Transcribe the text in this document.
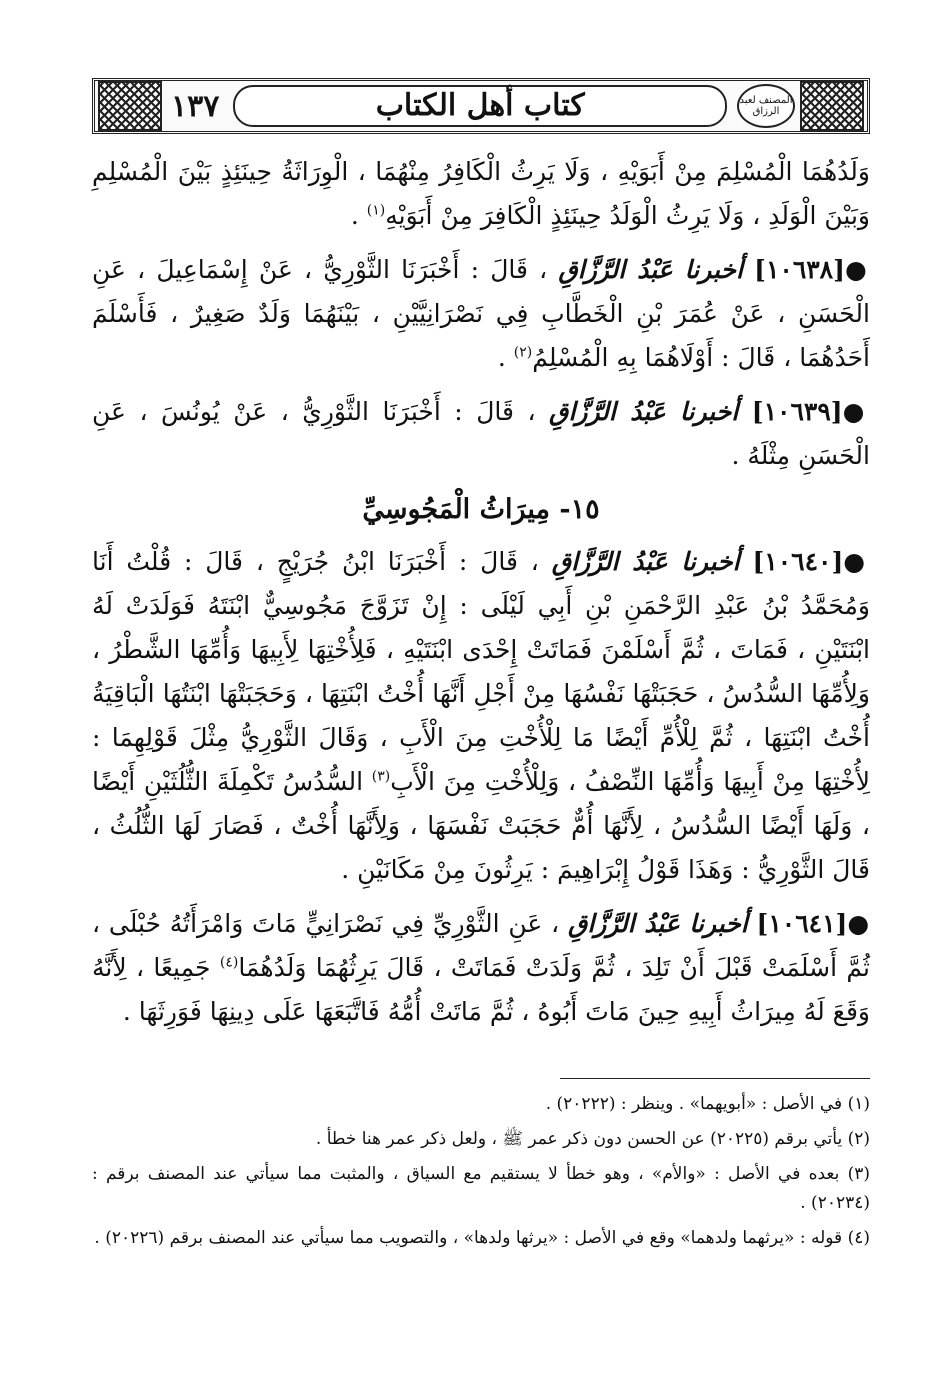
١٣٧	كتاب أهل الكتاب	المصنف لعبد الرزاق

وَلَدُهُمَا الْمُسْلِمَ مِنْ أَبَوَيْهِ ، وَلَا يَرِثُ الْكَافِرُ مِنْهُمَا ، الْوِرَاثَةُ حِينَئِذٍ بَيْنَ الْمُسْلِمِ وَبَيْنَ الْوَلَدِ ، وَلَا يَرِثُ الْوَلَدُ حِينَئِذٍ الْكَافِرَ مِنْ أَبَوَيْهِ$^{(١)}$ .

●[١٠٦٣٨] أخبرنا عَبْدُ الرَّزَّاقِ ، قَالَ : أَخْبَرَنَا الثَّوْرِيُّ ، عَنْ إِسْمَاعِيلَ ، عَنِ الْحَسَنِ ، عَنْ عُمَرَ بْنِ الْخَطَّابِ فِي نَصْرَانِيَّيْنِ ، بَيْنَهُمَا وَلَدٌ صَغِيرٌ ، فَأَسْلَمَ أَحَدُهُمَا ، قَالَ : أَوْلَاهُمَا بِهِ الْمُسْلِمُ$^{(٢)}$ .

●[١٠٦٣٩] أخبرنا عَبْدُ الرَّزَّاقِ ، قَالَ : أَخْبَرَنَا الثَّوْرِيُّ ، عَنْ يُونُسَ ، عَنِ الْحَسَنِ مِثْلَهُ .

١٥- مِيرَاثُ الْمَجُوسِيِّ

●[١٠٦٤٠] أخبرنا عَبْدُ الرَّزَّاقِ ، قَالَ : أَخْبَرَنَا ابْنُ جُرَيْجٍ ، قَالَ : قُلْتُ أَنَا وَمُحَمَّدُ بْنُ عَبْدِ الرَّحْمَنِ بْنِ أَبِي لَيْلَى : إِنْ تَزَوَّجَ مَجُوسِيٌّ ابْنَتَهُ فَوَلَدَتْ لَهُ ابْنَتَيْنِ ، فَمَاتَ ، ثُمَّ أَسْلَمْنَ فَمَاتَتْ إِحْدَى ابْنَتَيْهِ ، فَلِأُخْتِهَا لِأَبِيهَا وَأُمِّهَا الشَّطْرُ ، وَلِأُمِّهَا السُّدُسُ ، حَجَبَتْهَا نَفْسُهَا مِنْ أَجْلِ أَنَّهَا أُخْتُ ابْنَتِهَا ، وَحَجَبَتْهَا ابْنَتُهَا الْبَاقِيَةُ أُخْتُ ابْنَتِهَا ، ثُمَّ لِلْأُمِّ أَيْضًا مَا لِلْأُخْتِ مِنَ الْأَبِ ، وَقَالَ الثَّوْرِيُّ مِثْلَ قَوْلِهِمَا : لِأُخْتِهَا مِنْ أَبِيهَا وَأُمِّهَا النِّصْفُ ، وَلِلْأُخْتِ مِنَ الْأَبِ$^{(٣)}$ السُّدُسُ تَكْمِلَةَ الثُّلُثَيْنِ أَيْضًا ، وَلَهَا أَيْضًا السُّدُسُ ، لِأَنَّهَا أُمٌّ حَجَبَتْ نَفْسَهَا ، وَلِأَنَّهَا أُخْتٌ ، فَصَارَ لَهَا الثُّلُثُ ، قَالَ الثَّوْرِيُّ : وَهَذَا قَوْلُ إِبْرَاهِيمَ : يَرِثُونَ مِنْ مَكَانَيْنِ .

●[١٠٦٤١] أخبرنا عَبْدُ الرَّزَّاقِ ، عَنِ الثَّوْرِيِّ فِي نَصْرَانِيٍّ مَاتَ وَامْرَأَتُهُ حُبْلَى ، ثُمَّ أَسْلَمَتْ قَبْلَ أَنْ تَلِدَ ، ثُمَّ وَلَدَتْ فَمَاتَتْ ، قَالَ يَرِثُهُمَا وَلَدُهُمَا$^{(٤)}$ جَمِيعًا ، لِأَنَّهُ وَقَعَ لَهُ مِيرَاثُ أَبِيهِ حِينَ مَاتَ أَبُوهُ ، ثُمَّ مَاتَتْ أُمُّهُ فَاتَّبَعَهَا عَلَى دِينِهَا فَوَرِثَهَا .

(١) في الأصل : «أبويهما» . وينظر : (٢٠٢٢٢) .

(٢) يأتي برقم (٢٠٢٢٥) عن الحسن دون ذكر عمر ﷺ ، ولعل ذكر عمر هنا خطأ .

(٣) بعده في الأصل : «والأم» ، وهو خطأ لا يستقيم مع السياق ، والمثبت مما سيأتي عند المصنف برقم : (٢٠٢٣٤) .

(٤) قوله : «يرثهما ولدهما» وقع في الأصل : «يرثها ولدها» ، والتصويب مما سيأتي عند المصنف برقم (٢٠٢٢٦) .
